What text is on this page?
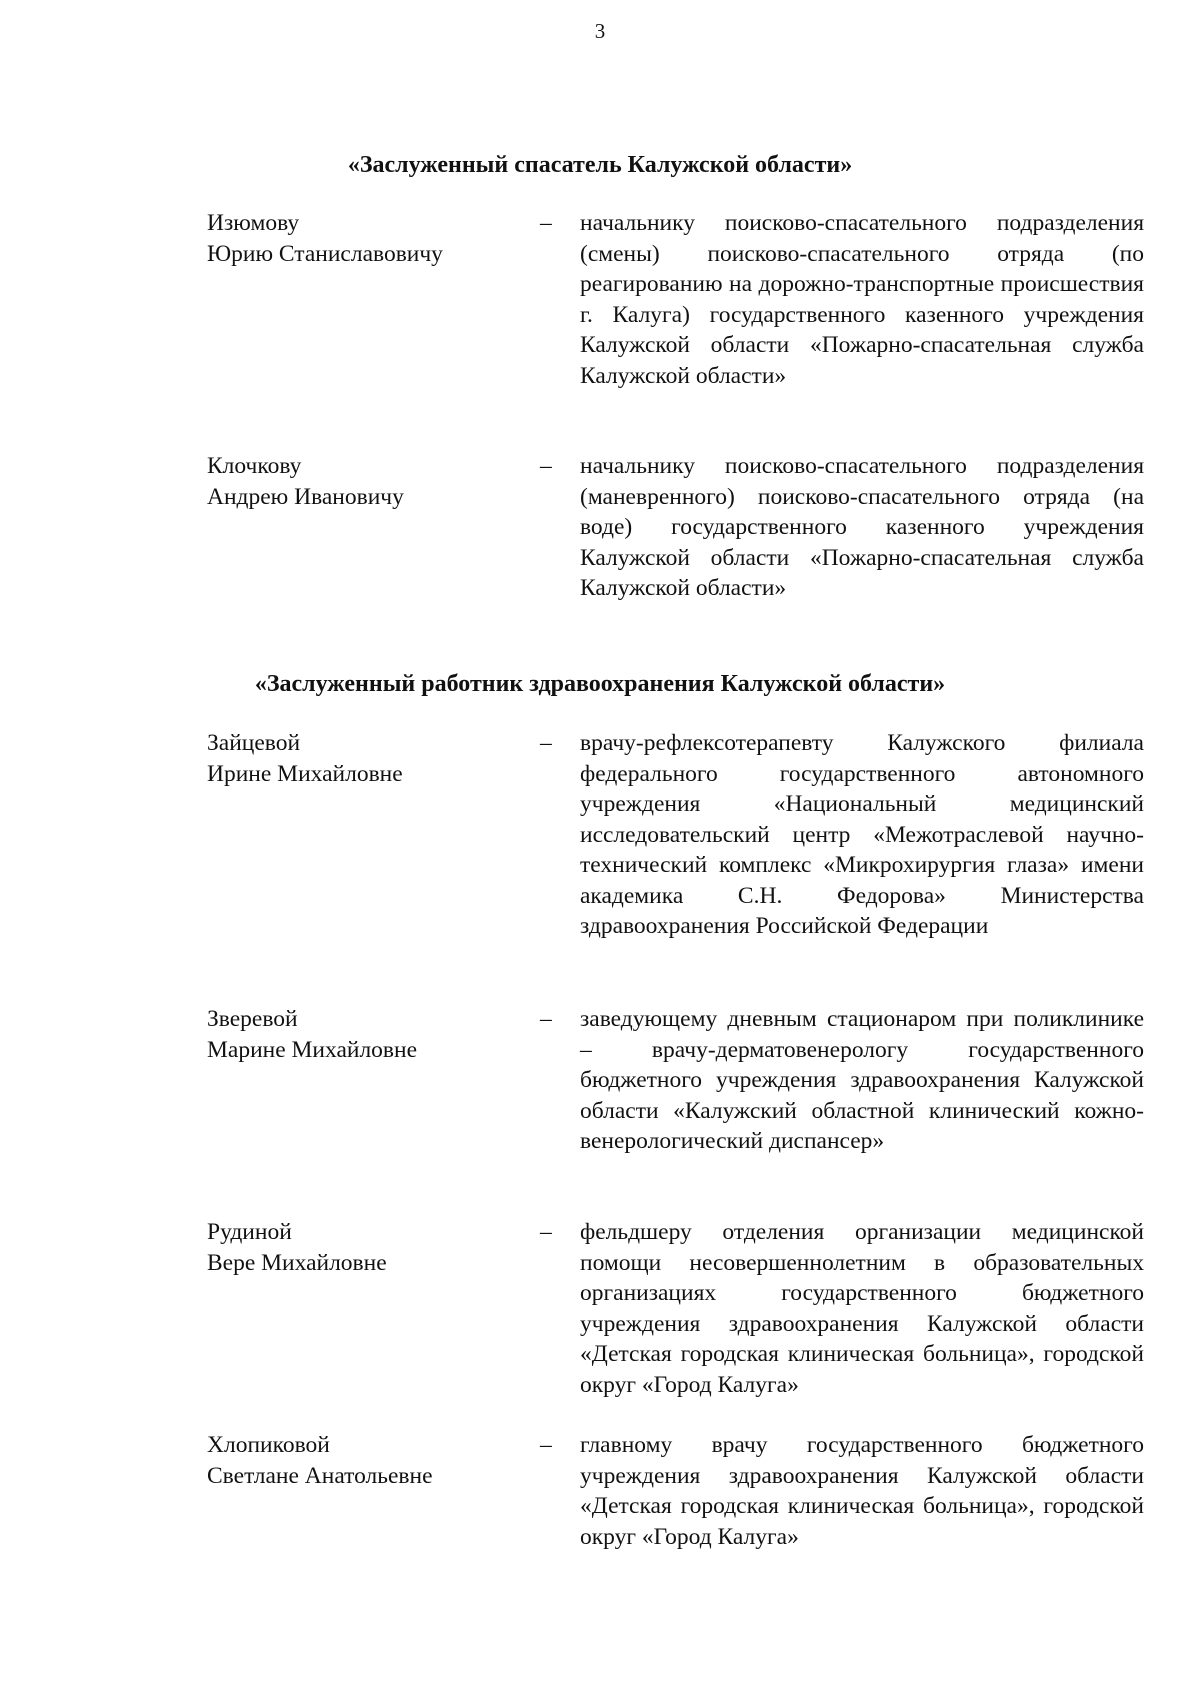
3
«Заслуженный спасатель Калужской области»
Изюмову
Юрию Станиславовичу
– начальнику поисково-спасательного подразделения (смены) поисково-спасательного отряда (по реагированию на дорожно-транспортные происшествия г. Калуга) государственного казенного учреждения Калужской области «Пожарно-спасательная служба Калужской области»
Клочкову
Андрею Ивановичу
– начальнику поисково-спасательного подразделения (маневренного) поисково-спасательного отряда (на воде) государственного казенного учреждения Калужской области «Пожарно-спасательная служба Калужской области»
«Заслуженный работник здравоохранения Калужской области»
Зайцевой
Ирине Михайловне
– врачу-рефлексотерапевту Калужского филиала федерального государственного автономного учреждения «Национальный медицинский исследовательский центр «Межотраслевой научно-технический комплекс «Микрохирургия глаза» имени академика С.Н. Федорова» Министерства здравоохранения Российской Федерации
Зверевой
Марине Михайловне
– заведующему дневным стационаром при поликлинике – врачу-дерматовенерологу государственного бюджетного учреждения здравоохранения Калужской области «Калужский областной клинический кожно-венерологический диспансер»
Рудиной
Вере Михайловне
– фельдшеру отделения организации медицинской помощи несовершеннолетним в образовательных организациях государственного бюджетного учреждения здравоохранения Калужской области «Детская городская клиническая больница», городской округ «Город Калуга»
Хлопиковой
Светлане Анатольевне
– главному врачу государственного бюджетного учреждения здравоохранения Калужской области «Детская городская клиническая больница», городской округ «Город Калуга»
